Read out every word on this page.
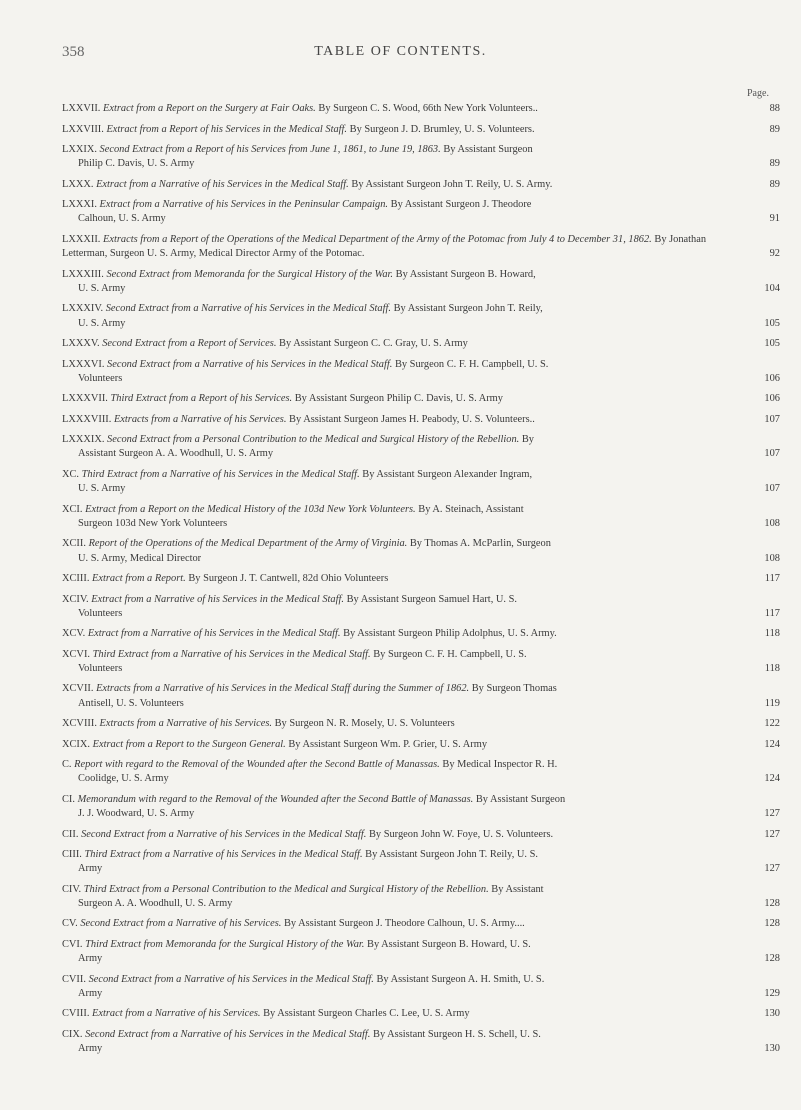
358	TABLE OF CONTENTS.
Page.
LXXVII. Extract from a Report on the Surgery at Fair Oaks. By Surgeon C. S. Wood, 66th New York Volunteers..	88
LXXVIII. Extract from a Report of his Services in the Medical Staff. By Surgeon J. D. Brumley, U. S. Volunteers.	89
LXXIX. Second Extract from a Report of his Services from June 1, 1861, to June 19, 1863. By Assistant Surgeon
Philip C. Davis, U. S. Army	89
LXXX. Extract from a Narrative of his Services in the Medical Staff. By Assistant Surgeon John T. Reily, U. S. Army.	89
LXXXI. Extract from a Narrative of his Services in the Peninsular Campaign. By Assistant Surgeon J. Theodore
Calhoun, U. S. Army	91
LXXXII. Extracts from a Report of the Operations of the Medical Department of the Army of the Potomac from July 4 to December 31, 1862. By Jonathan Letterman, Surgeon U. S. Army, Medical Director Army of the Potomac.	92
LXXXIII. Second Extract from Memoranda for the Surgical History of the War. By Assistant Surgeon B. Howard,
U. S. Army	104
LXXXIV. Second Extract from a Narrative of his Services in the Medical Staff. By Assistant Surgeon John T. Reily,
U. S. Army	105
LXXXV. Second Extract from a Report of Services. By Assistant Surgeon C. C. Gray, U. S. Army	105
LXXXVI. Second Extract from a Narrative of his Services in the Medical Staff. By Surgeon C. F. H. Campbell, U. S.
Volunteers	106
LXXXVII. Third Extract from a Report of his Services. By Assistant Surgeon Philip C. Davis, U. S. Army	106
LXXXVIII. Extracts from a Narrative of his Services. By Assistant Surgeon James H. Peabody, U. S. Volunteers..	107
LXXXIX. Second Extract from a Personal Contribution to the Medical and Surgical History of the Rebellion. By
Assistant Surgeon A. A. Woodhull, U. S. Army	107
XC. Third Extract from a Narrative of his Services in the Medical Staff. By Assistant Surgeon Alexander Ingram,
U. S. Army	107
XCI. Extract from a Report on the Medical History of the 103d New York Volunteers. By A. Steinach, Assistant
Surgeon 103d New York Volunteers	108
XCII. Report of the Operations of the Medical Department of the Army of Virginia. By Thomas A. McParlin, Surgeon
U. S. Army, Medical Director	108
XCIII. Extract from a Report. By Surgeon J. T. Cantwell, 82d Ohio Volunteers	117
XCIV. Extract from a Narrative of his Services in the Medical Staff. By Assistant Surgeon Samuel Hart, U. S.
Volunteers	117
XCV. Extract from a Narrative of his Services in the Medical Staff. By Assistant Surgeon Philip Adolphus, U. S. Army.	118
XCVI. Third Extract from a Narrative of his Services in the Medical Staff. By Surgeon C. F. H. Campbell, U. S.
Volunteers	118
XCVII. Extracts from a Narrative of his Services in the Medical Staff during the Summer of 1862. By Surgeon Thomas
Antisell, U. S. Volunteers	119
XCVIII. Extracts from a Narrative of his Services. By Surgeon N. R. Mosely, U. S. Volunteers	122
XCIX. Extract from a Report to the Surgeon General. By Assistant Surgeon Wm. P. Grier, U. S. Army	124
C. Report with regard to the Removal of the Wounded after the Second Battle of Manassas. By Medical Inspector R. H.
Coolidge, U. S. Army	124
CI. Memorandum with regard to the Removal of the Wounded after the Second Battle of Manassas. By Assistant Surgeon
J. J. Woodward, U. S. Army	127
CII. Second Extract from a Narrative of his Services in the Medical Staff. By Surgeon John W. Foye, U. S. Volunteers.	127
CIII. Third Extract from a Narrative of his Services in the Medical Staff. By Assistant Surgeon John T. Reily, U. S.
Army	127
CIV. Third Extract from a Personal Contribution to the Medical and Surgical History of the Rebellion. By Assistant
Surgeon A. A. Woodhull, U. S. Army	128
CV. Second Extract from a Narrative of his Services. By Assistant Surgeon J. Theodore Calhoun, U. S. Army....	128
CVI. Third Extract from Memoranda for the Surgical History of the War. By Assistant Surgeon B. Howard, U. S.
Army	128
CVII. Second Extract from a Narrative of his Services in the Medical Staff. By Assistant Surgeon A. H. Smith, U. S.
Army	129
CVIII. Extract from a Narrative of his Services. By Assistant Surgeon Charles C. Lee, U. S. Army	130
CIX. Second Extract from a Narrative of his Services in the Medical Staff. By Assistant Surgeon H. S. Schell, U. S.
Army	130
